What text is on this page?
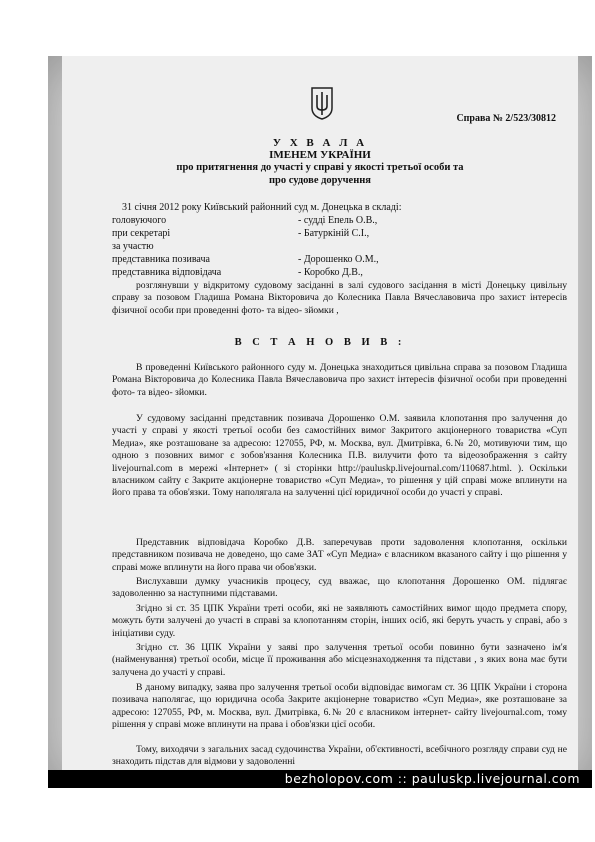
Справа № 2/523/30812
У Х В А Л А
ІМЕНЕМ УКРАЇНИ
про притягнення до участі у справі у якості третьої особи та
про судове доручення
31 січня 2012 року Київський районний суд м. Донецька в складі:
головуючого	- судді Епель О.В.,
при секретарі	- Батуркіній С.І.,
за участю
представника позивача	- Дорошенко О.М.,
представника відповідача	- Коробко Д.В.,
розглянувши у відкритому судовому засіданні в залі судового засідання в місті Донецьку цивільну справу за позовом Гладиша Романа Вікторовича до Колесника Павла Вячеславовича про захист інтересів фізичної особи при проведенні фото- та відео- зйомки ,
В С Т А Н О В И В :
В проведенні Київського районного суду м. Донецька знаходиться цивільна справа за позовом Гладиша Романа Вікторовича до Колесника Павла Вячеславовича про захист інтересів фізичної особи при проведенні фото- та відео- зйомки.
У судовому засіданні представник позивача Дорошенко О.М. заявила клопотання про залучення до участі у справі у якості третьої особи без самостійних вимог Закритого акціонерного товариства «Суп Медиа», яке розташоване за адресою: 127055, РФ, м. Москва, вул. Дмитрівка, 6.№ 20, мотивуючи тим, що одною з позовних вимог є зобов'язання Колесника П.В. вилучити фото та відеозображення з сайту livejournal.com в мережі «Інтернет» ( зі сторінки http://pauluskp.livejournal.com/110687.html. ). Оскільки власником сайту є Закрите акціонерне товариство «Суп Медиа», то рішення у цій справі може вплинути на його права та обов'язки. Тому наполягала на залученні цієї юридичної особи до участі у справі.
Представник відповідача Коробко Д.В. заперечував проти задоволення клопотання, оскільки представником позивача не доведено, що саме ЗАТ «Суп Медиа» є власником вказаного сайту і що рішення у справі може вплинути на його права чи обов'язки.
Вислухавши думку учасників процесу, суд вважає, що клопотання Дорошенко ОМ. підлягає задоволенню за наступними підставами.
Згідно зі ст. 35 ЦПК України треті особи, які не заявляють самостійних вимог щодо предмета спору, можуть бути залучені до участі в справі за клопотанням сторін, інших осіб, які беруть участь у справі, або з ініціативи суду.
Згідно ст. 36 ЦПК України у заяві про залучення третьої особи повинно бути зазначено ім'я (найменування) третьої особи, місце її проживання або місцезнаходження та підстави , з яких вона має бути залучена до участі у справі.
В даному випадку, заява про залучення третьої особи відповідає вимогам ст. 36 ЦПК України і сторона позивача наполягає, що юридична особа Закрите акціонерне товариство «Суп Медиа», яке розташоване за адресою: 127055, РФ, м. Москва, вул. Дмитрівка, 6.№ 20 є власником інтернет- сайту livejournal.com, тому рішення у справі може вплинути на права і обов'язки цієї особи.
Тому, виходячи з загальних засад судочинства України, об'єктивності, всебічного розгляду справи суд не знаходить підстав для відмови у задоволенні
bezholopov.com :: pauluskp.livejournal.com
